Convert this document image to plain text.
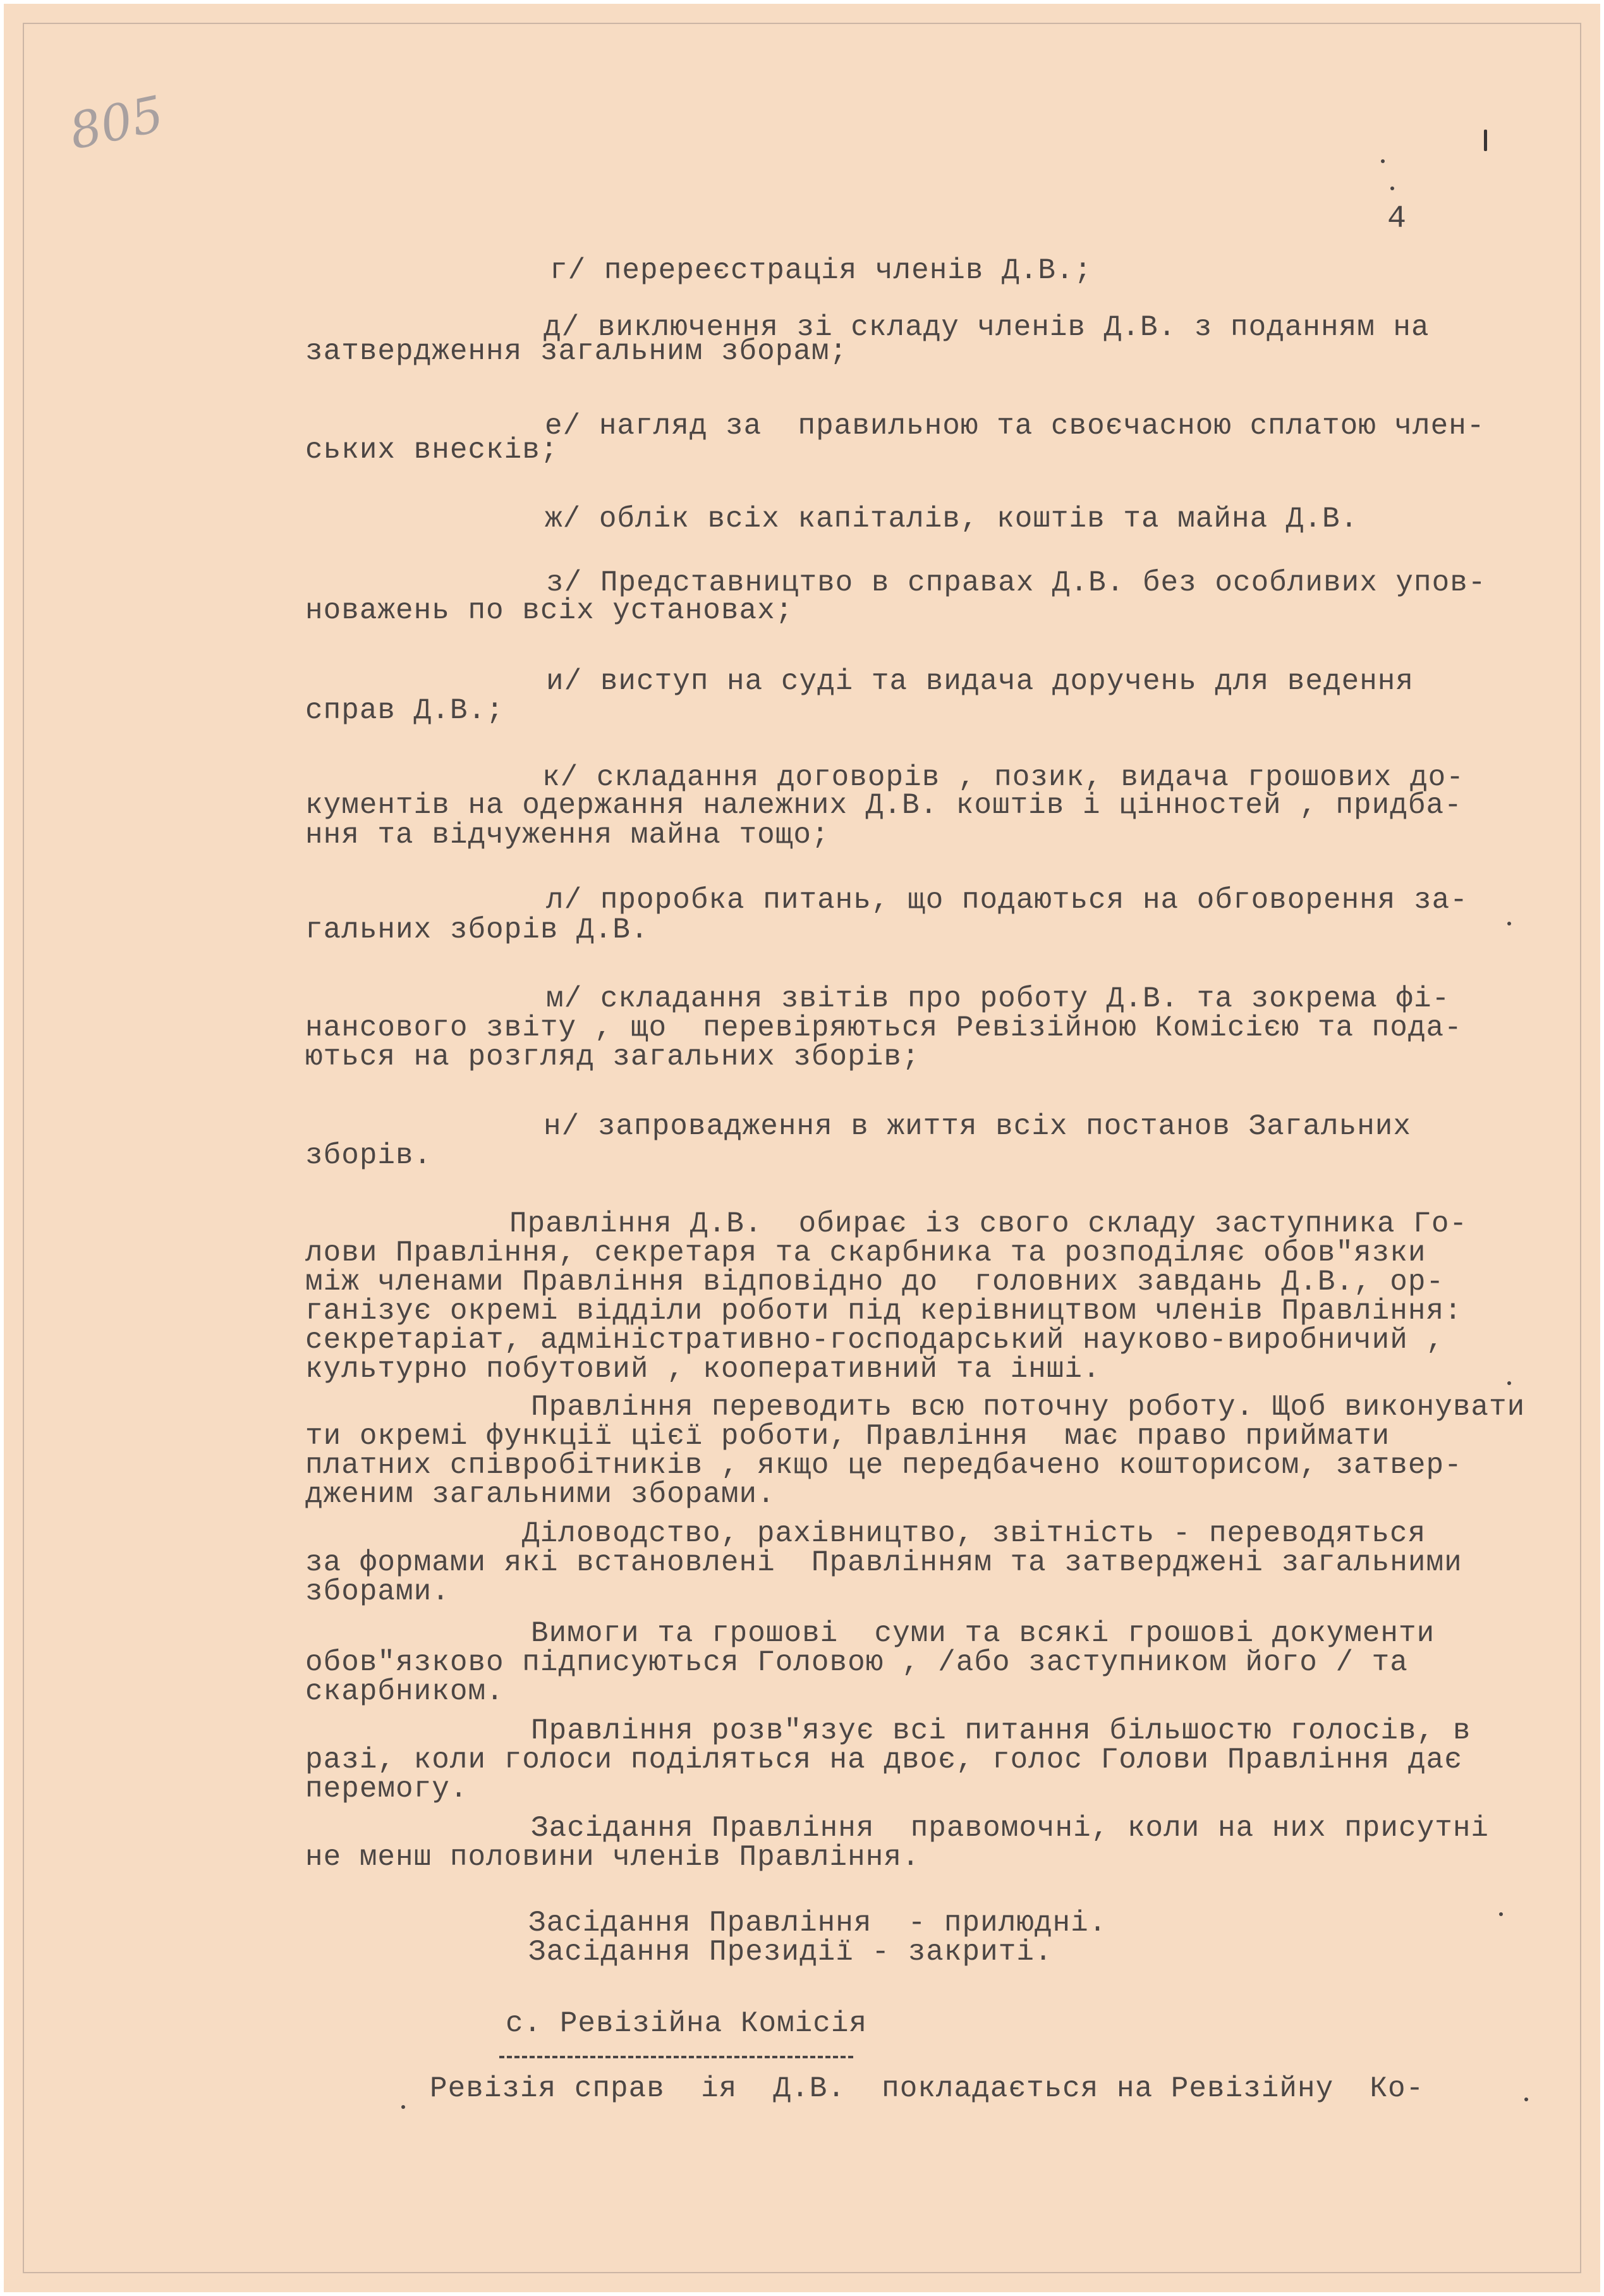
805
4
г/ перереєстрація членів Д.В.;
д/ виключення зі складу членів Д.В. з поданням на
затвердження загальним зборам;
е/ нагляд за  правильною та своєчасною сплатою член-
ських внесків;
ж/ облік всіх капіталів, коштів та майна Д.В.
з/ Представництво в справах Д.В. без особливих упов-
новажень по всіх установах;
и/ виступ на суді та видача доручень для ведення
справ Д.В.;
к/ складання договорів , позик, видача грошових до-
кументів на одержання належних Д.В. коштів і цінностей , придба-
ння та відчуження майна тощо;
л/ проробка питань, що подаються на обговорення за-
гальних зборів Д.В.
м/ складання звітів про роботу Д.В. та зокрема фі-
нансового звіту , що  перевіряються Ревізійною Комісією та пода-
ються на розгляд загальних зборів;
н/ запровадження в життя всіх постанов Загальних
зборів.
Правління Д.В.  обирає із свого складу заступника Го-
лови Правління, секретаря та скарбника та розподіляє обов"язки
між членами Правління відповідно до  головних завдань Д.В., ор-
ганізує окремі відділи роботи під керівництвом членів Правління:
секретаріат, адміністративно-господарський науково-виробничий ,
культурно побутовий , кооперативний та інші.
Правління переводить всю поточну роботу. Щоб виконувати
ти окремі функції цієї роботи, Правління  має право приймати
платних співробітників , якщо це передбачено кошторисом, затвер-
дженим загальними зборами.
Діловодство, рахівництво, звітність - переводяться
за формами які встановлені  Правлінням та затверджені загальними
зборами.
Вимоги та грошові  суми та всякі грошові документи
обов"язково підписуються Головою , /або заступником його / та
скарбником.
Правління розв"язує всі питання більшостю голосів, в
разі, коли голоси поділяться на двоє, голос Голови Правління дає
перемогу.
Засідання Правління  правомочні, коли на них присутні
не менш половини членів Правління.
Засідання Правління  - прилюдні.
Засідання Президії - закриті.
с. Ревізійна Комісія
Ревізія справ  ія  Д.В.  покладається на Ревізійну  Ко-
